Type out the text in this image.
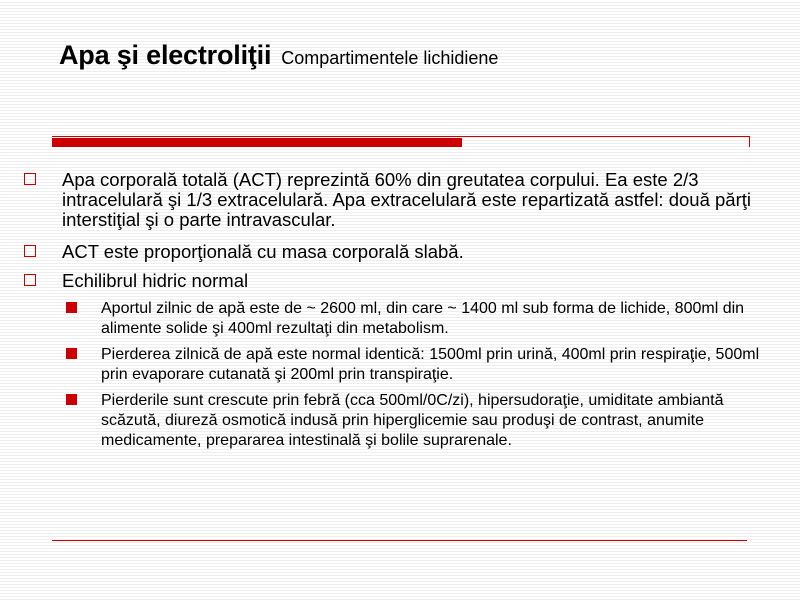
Apa şi electroliţii Compartimentele lichidiene
Apa corporală totală (ACT) reprezintă 60% din greutatea corpului. Ea este 2/3 intracelulară şi 1/3 extracelulară. Apa extracelulară este repartizată astfel: două părţi interstiţial şi o parte intravascular.
ACT este proporţională cu masa corporală slabă.
Echilibrul hidric normal
Aportul zilnic de apă este de ~ 2600 ml, din care ~ 1400 ml sub forma de lichide, 800ml din alimente solide şi 400ml rezultaţi din metabolism.
Pierderea zilnică de apă este normal identică: 1500ml prin urină, 400ml prin respiraţie, 500ml prin evaporare cutanată şi 200ml prin transpiraţie.
Pierderile sunt crescute prin febră (cca 500ml/0C/zi), hipersudoraţie, umiditate ambiantă scăzută, diureză osmotică indusă prin hiperglicemie sau produşi de contrast, anumite medicamente, prepararea intestinală şi bolile suprarenale.
